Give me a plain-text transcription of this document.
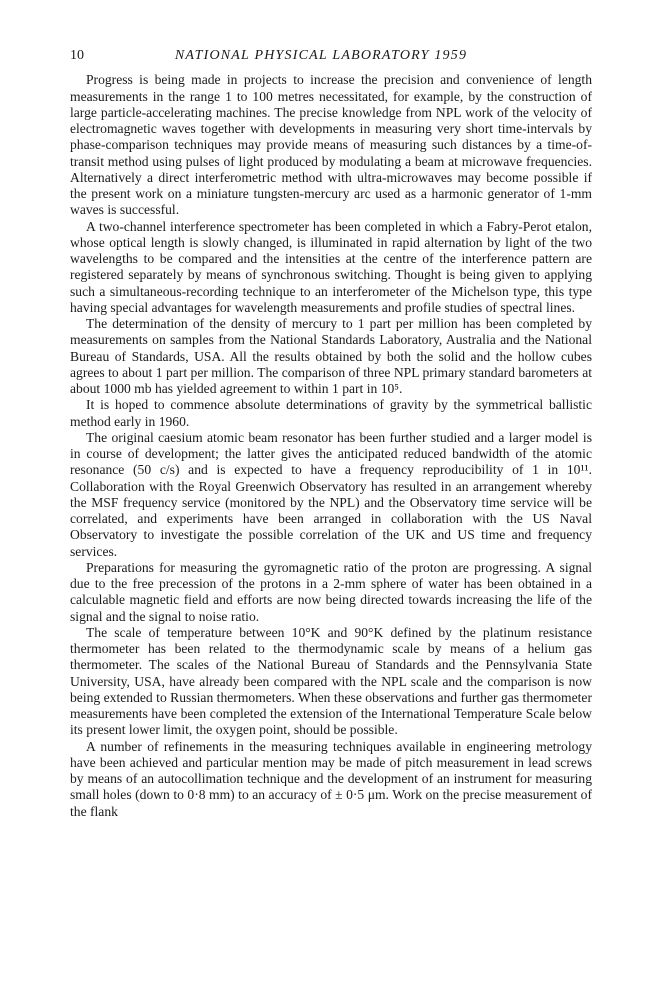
10	NATIONAL PHYSICAL LABORATORY 1959

Progress is being made in projects to increase the precision and convenience of length measurements in the range 1 to 100 metres necessitated, for example, by the construction of large particle-accelerating machines. The precise knowledge from NPL work of the velocity of electromagnetic waves together with developments in measuring very short time-intervals by phase-comparison techniques may provide means of measuring such distances by a time-of-transit method using pulses of light produced by modulating a beam at microwave frequencies. Alternatively a direct interferometric method with ultra-microwaves may become possible if the present work on a miniature tungsten-mercury arc used as a harmonic generator of 1-mm waves is successful.

A two-channel interference spectrometer has been completed in which a Fabry-Perot etalon, whose optical length is slowly changed, is illuminated in rapid alternation by light of the two wavelengths to be compared and the intensities at the centre of the interference pattern are registered separately by means of synchronous switching. Thought is being given to applying such a simultaneous-recording technique to an interferometer of the Michelson type, this type having special advantages for wavelength measurements and profile studies of spectral lines.

The determination of the density of mercury to 1 part per million has been completed by measurements on samples from the National Standards Laboratory, Australia and the National Bureau of Standards, USA. All the results obtained by both the solid and the hollow cubes agrees to about 1 part per million. The comparison of three NPL primary standard barometers at about 1000 mb has yielded agreement to within 1 part in 10⁵.

It is hoped to commence absolute determinations of gravity by the symmetrical ballistic method early in 1960.

The original caesium atomic beam resonator has been further studied and a larger model is in course of development; the latter gives the anticipated reduced bandwidth of the atomic resonance (50 c/s) and is expected to have a frequency reproducibility of 1 in 10¹¹. Collaboration with the Royal Greenwich Observatory has resulted in an arrangement whereby the MSF frequency service (monitored by the NPL) and the Observatory time service will be correlated, and experiments have been arranged in collaboration with the US Naval Observatory to investigate the possible correlation of the UK and US time and frequency services.

Preparations for measuring the gyromagnetic ratio of the proton are progressing. A signal due to the free precession of the protons in a 2-mm sphere of water has been obtained in a calculable magnetic field and efforts are now being directed towards increasing the life of the signal and the signal to noise ratio.

The scale of temperature between 10°K and 90°K defined by the platinum resistance thermometer has been related to the thermodynamic scale by means of a helium gas thermometer. The scales of the National Bureau of Standards and the Pennsylvania State University, USA, have already been compared with the NPL scale and the comparison is now being extended to Russian thermometers. When these observations and further gas thermometer measurements have been completed the extension of the International Temperature Scale below its present lower limit, the oxygen point, should be possible.

A number of refinements in the measuring techniques available in engineering metrology have been achieved and particular mention may be made of pitch measurement in lead screws by means of an autocollimation technique and the development of an instrument for measuring small holes (down to 0·8 mm) to an accuracy of ± 0·5 μm. Work on the precise measurement of the flank
